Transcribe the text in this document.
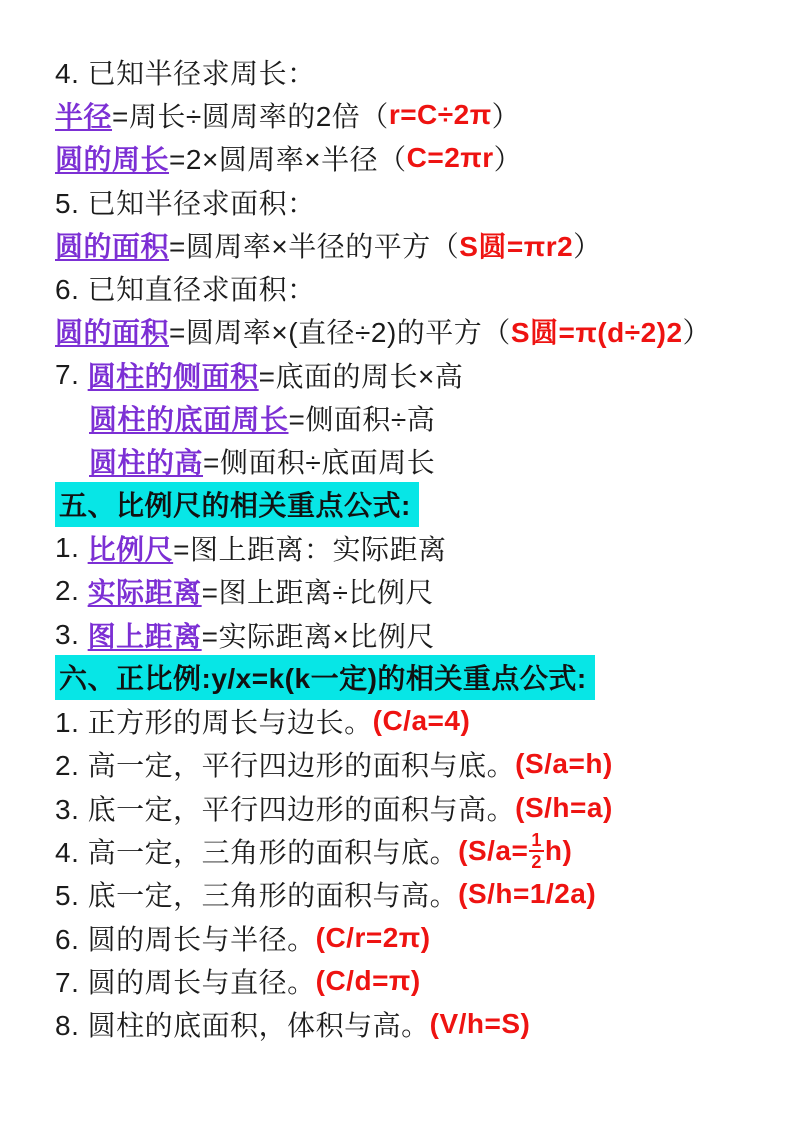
4. 已知半径求周长：
半径 =周长÷圆周率的2倍（ r=C÷2π ）
圆的周长 =2×圆周率×半径（ C=2πr ）
5. 已知半径求面积：
圆的面积 =圆周率×半径的平方（ S圆=πr2 ）
6. 已知直径求面积：
圆的面积 =圆周率×(直径÷2)的平方（ S圆=π(d÷2)2 ）
7. 圆柱的侧面积 =底面的周长×高
圆柱的底面周长 =侧面积÷高
圆柱的高 =侧面积÷底面周长
五、比例尺的相关重点公式:
1. 比例尺 =图上距离：实际距离
2. 实际距离 =图上距离÷比例尺
3. 图上距离 =实际距离×比例尺
六、正比例:y/x=k(k一定)的相关重点公式:
1. 正方形的周长与边长。 (C/a=4)
2. 高一定，平行四边形的面积与底。 (S/a=h)
3. 底一定，平行四边形的面积与高。 (S/h=a)
4. 高一定，三角形的面积与底。 $(S/a= \frac{1}{2} h)$
5. 底一定，三角形的面积与高。 (S/h=1/2a)
6. 圆的周长与半径。 (C/r=2π)
7. 圆的周长与直径。 (C/d=π)
8. 圆柱的底面积，体积与高。 (V/h=S)
